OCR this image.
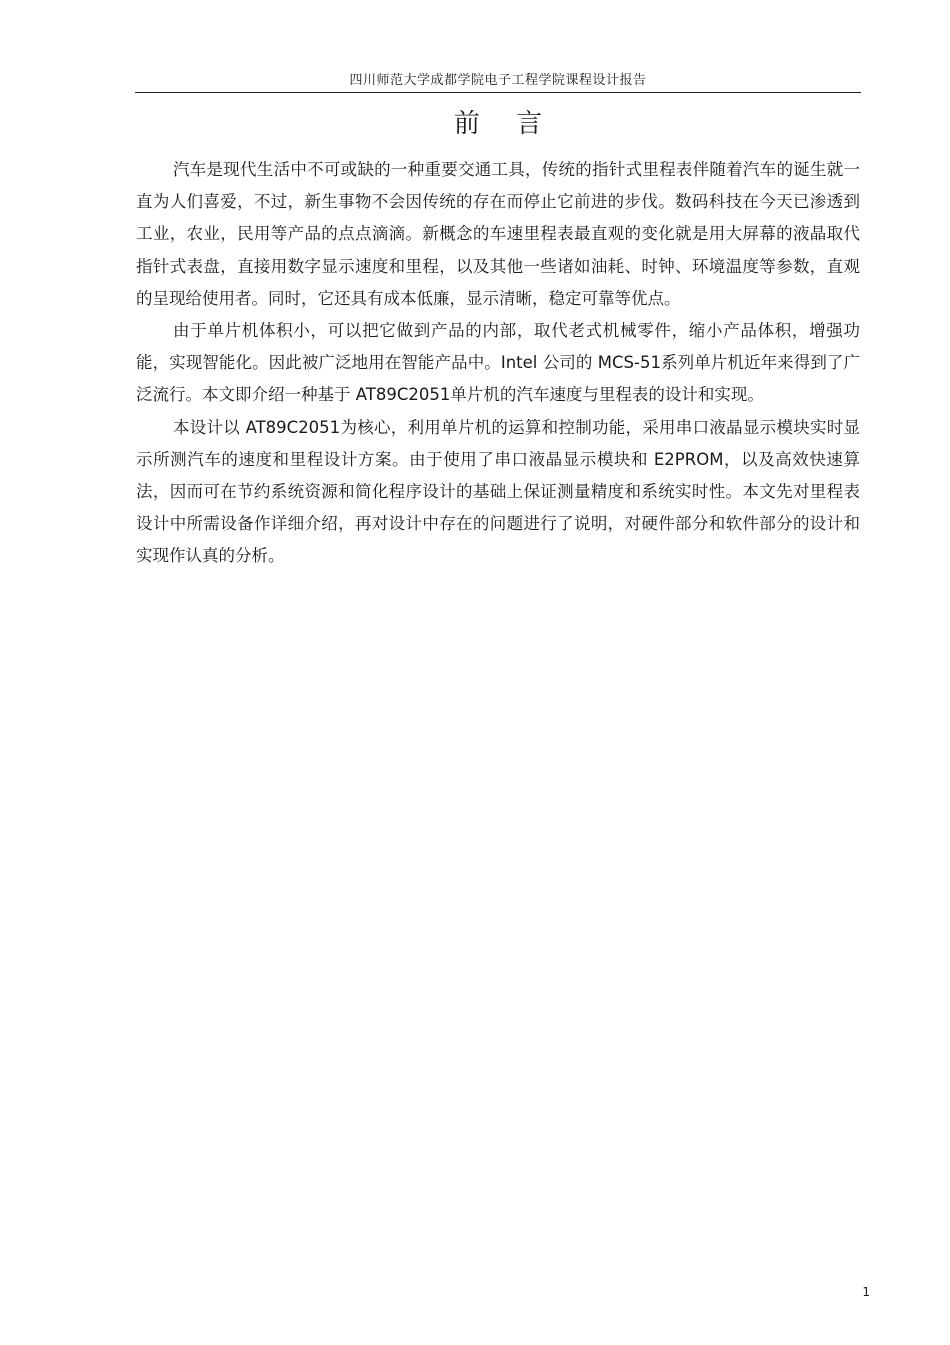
四川师范大学成都学院电子工程学院课程设计报告
前 言

汽车是现代生活中不可或缺的一种重要交通工具，传统的指针式里程表伴随着汽车的诞生就一直为人们喜爱，不过，新生事物不会因传统的存在而停止它前进的步伐。数码科技在今天已渗透到工业，农业，民用等产品的点点滴滴。新概念的车速里程表最直观的变化就是用大屏幕的液晶取代指针式表盘，直接用数字显示速度和里程，以及其他一些诸如油耗、时钟、环境温度等参数，直观的呈现给使用者。同时，它还具有成本低廉，显示清晰，稳定可靠等优点。

由于单片机体积小，可以把它做到产品的内部，取代老式机械零件，缩小产品体积，增强功能，实现智能化。因此被广泛地用在智能产品中。Intel 公司的 MCS-51系列单片机近年来得到了广泛流行。本文即介绍一种基于 AT89C2051单片机的汽车速度与里程表的设计和实现。

本设计以 AT89C2051为核心，利用单片机的运算和控制功能，采用串口液晶显示模块实时显示所测汽车的速度和里程设计方案。由于使用了串口液晶显示模块和 E2PROM，以及高效快速算法，因而可在节约系统资源和简化程序设计的基础上保证测量精度和系统实时性。本文先对里程表设计中所需设备作详细介绍，再对设计中存在的问题进行了说明，对硬件部分和软件部分的设计和实现作认真的分析。

1
